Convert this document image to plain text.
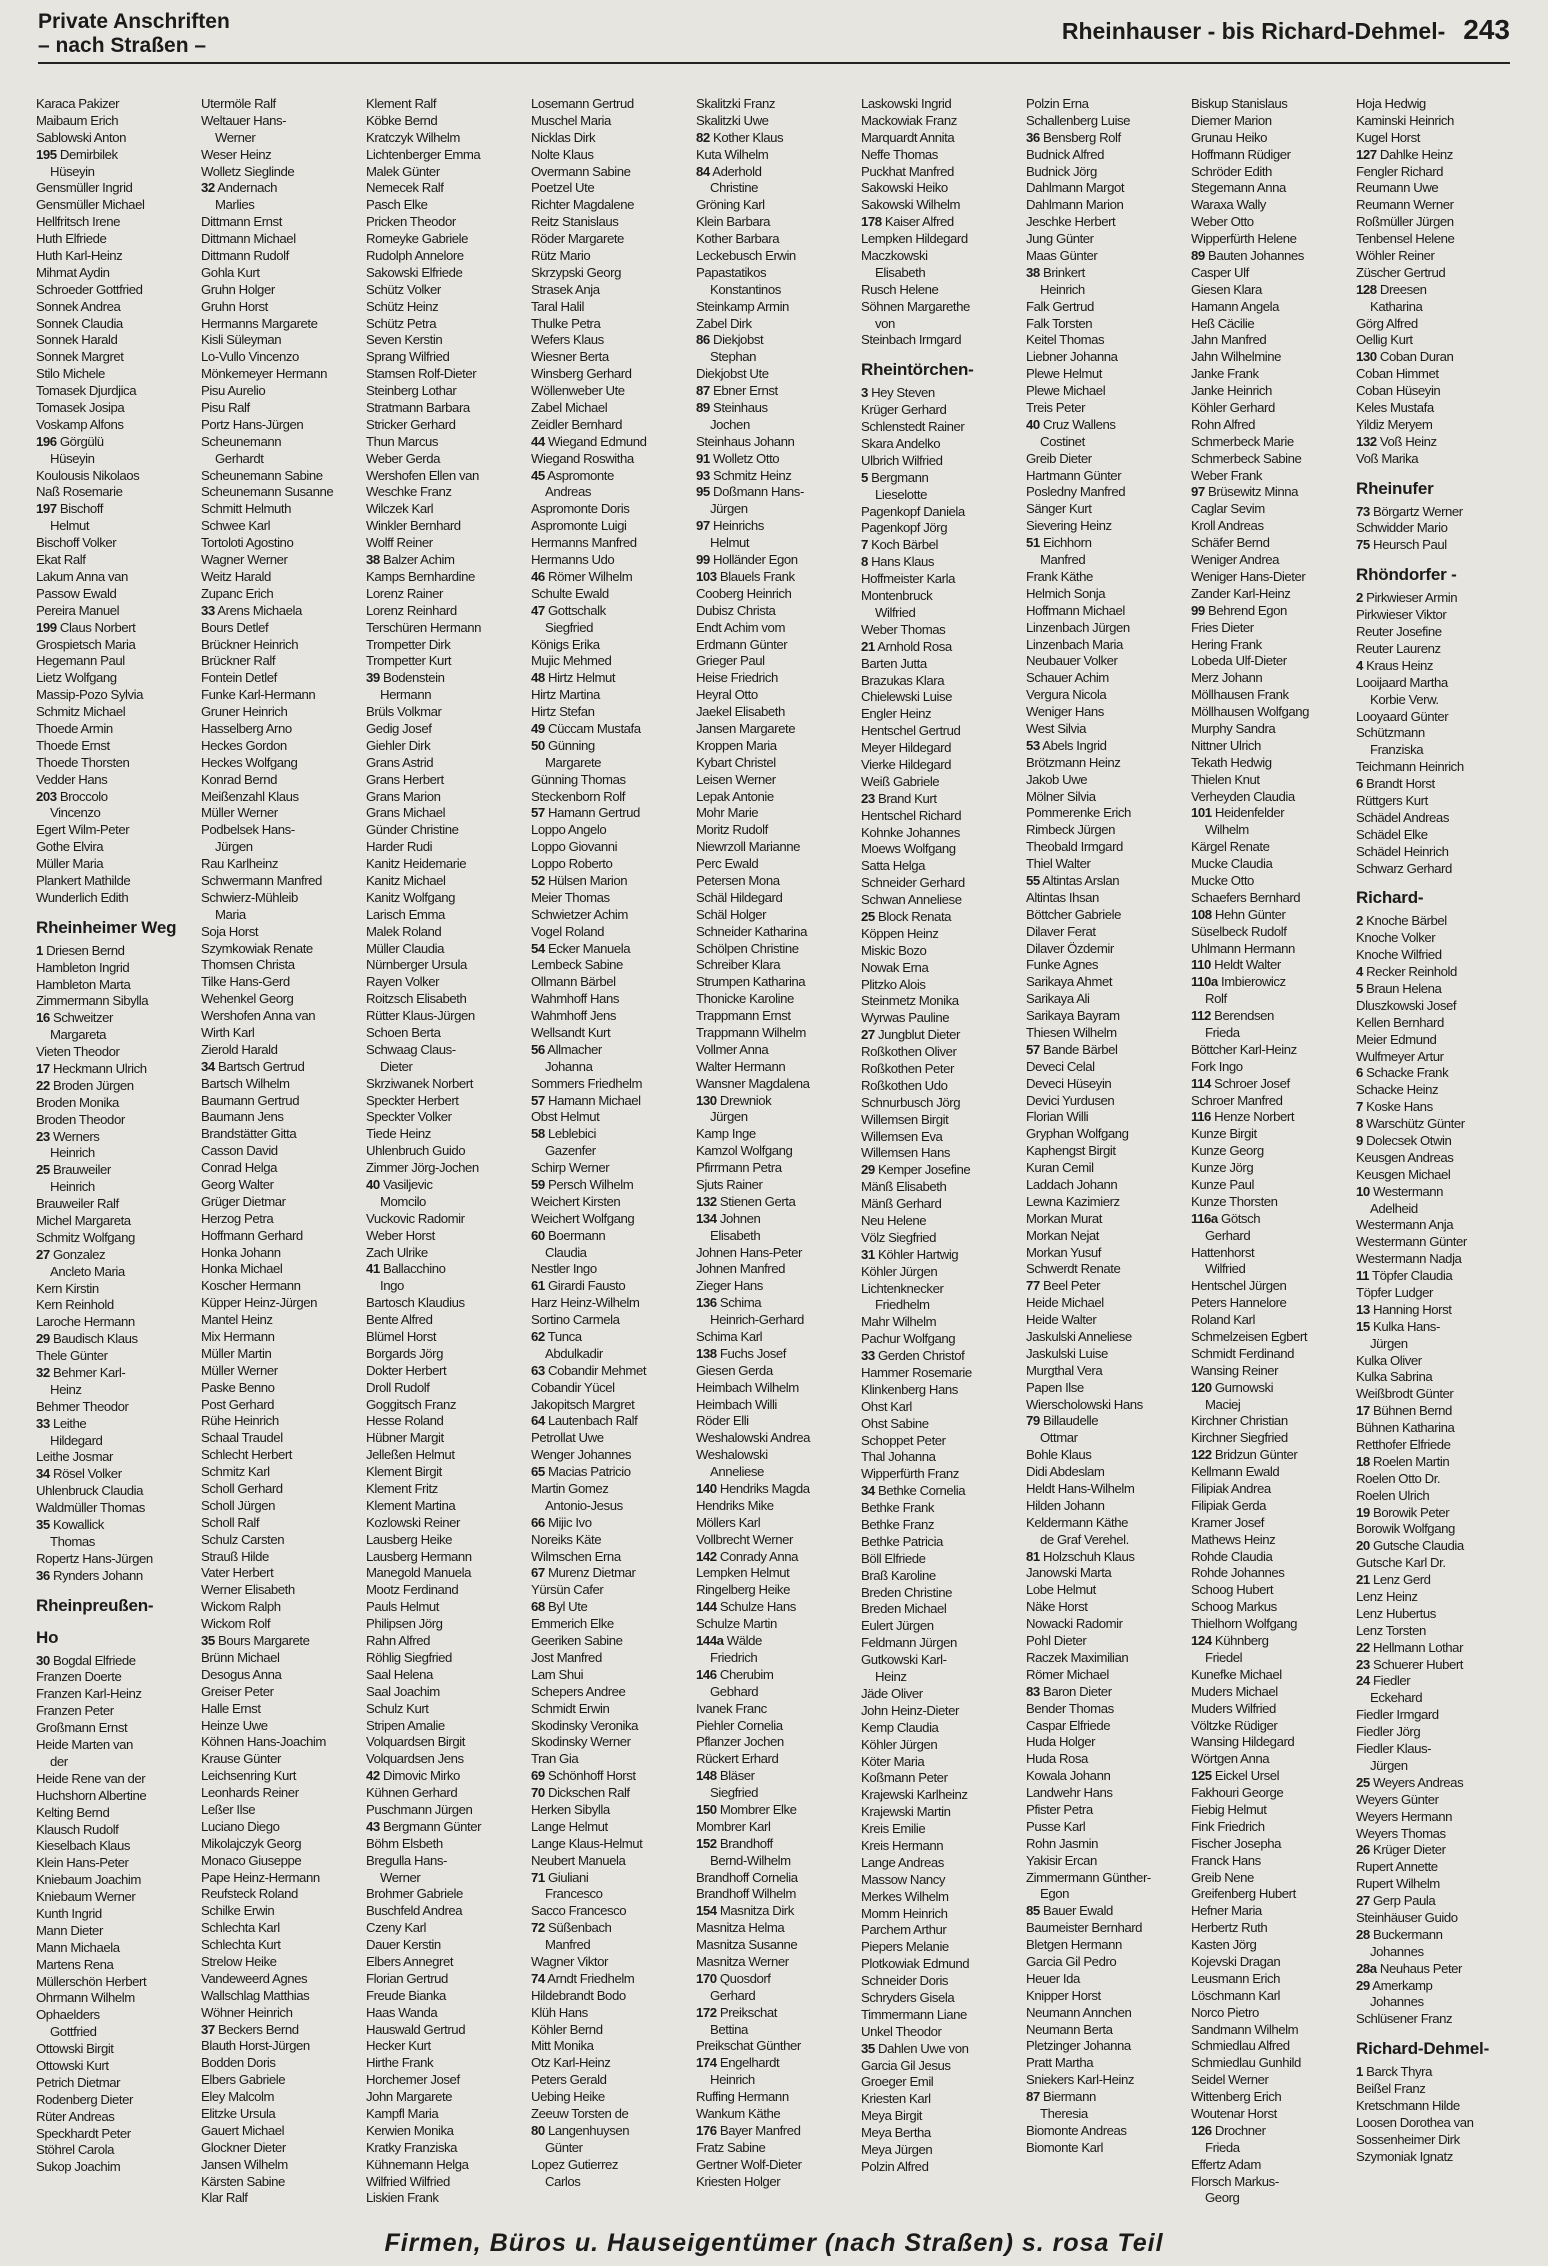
Private Anschriften
– nach Straßen –
Rheinhauser - bis Richard-Dehmel- 243
Karaca Pakizer
Maibaum Erich
Sablowski Anton
195 Demirbilek
Hüseyin
Gensmüller Ingrid
Gensmüller Michael
Hellfritsch Irene
Huth Elfriede
Huth Karl-Heinz
Mihmat Aydin
Schroeder Gottfried
Sonnek Andrea
Sonnek Claudia
Sonnek Harald
Sonnek Margret
Stilo Michele
Tomasek Djurdjica
Tomasek Josipa
Voskamp Alfons
196 Görgülü
Hüseyin
Koulousis Nikolaos
Naß Rosemarie
197 Bischoff
Helmut
Bischoff Volker
Ekat Ralf
Lakum Anna van
Passow Ewald
Pereira Manuel
199 Claus Norbert
Grospietsch Maria
Hegemann Paul
Lietz Wolfgang
Massip-Pozo Sylvia
Schmitz Michael
Thoede Armin
Thoede Ernst
Thoede Thorsten
Vedder Hans
203 Broccolo
Vincenzo
Egert Wilm-Peter
Gothe Elvira
Müller Maria
Plankert Mathilde
Wunderlich Edith
Rheinheimer Weg
1 Driesen Bernd
Hambleton Ingrid
Hambleton Marta
Zimmermann Sibylla
16 Schweitzer
Margareta
Vieten Theodor
17 Heckmann Ulrich
22 Broden Jürgen
Broden Monika
Broden Theodor
23 Werners
Heinrich
25 Brauweiler
Heinrich
Brauweiler Ralf
Michel Margareta
Schmitz Wolfgang
27 Gonzalez
Ancleto Maria
Kern Kirstin
Kern Reinhold
Laroche Hermann
29 Baudisch Klaus
Thele Günter
32 Behmer Karl-
Heinz
Behmer Theodor
33 Leithe
Hildegard
Leithe Josmar
34 Rösel Volker
Uhlenbruck Claudia
Waldmüller Thomas
35 Kowallick
Thomas
Ropertz Hans-Jürgen
36 Rynders Johann
Rheinpreußen-
Ho
30 Bogdal Elfriede
Franzen Doerte
Franzen Karl-Heinz
Franzen Peter
Großmann Ernst
Heide Marten van
der
Heide Rene van der
Huchshorn Albertine
Kelting Bernd
Klausch Rudolf
Kieselbach Klaus
Klein Hans-Peter
Kniebaum Joachim
Kniebaum Werner
Kunth Ingrid
Mann Dieter
Mann Michaela
Martens Rena
Müllerschön Herbert
Ohrmann Wilhelm
Ophaelders
Gottfried
Ottowski Birgit
Ottowski Kurt
Petrich Dietmar
Rodenberg Dieter
Rüter Andreas
Speckhardt Peter
Stöhrel Carola
Sukop Joachim
Utermöle Ralf
Weltauer Hans-
Werner
Weser Heinz
Wolletz Sieglinde
32 Andernach
Marlies
Dittmann Ernst
Dittmann Michael
Dittmann Rudolf
Gohla Kurt
Gruhn Holger
Gruhn Horst
Hermanns Margarete
Kisli Süleyman
Lo-Vullo Vincenzo
Mönkemeyer Hermann
Pisu Aurelio
Pisu Ralf
Portz Hans-Jürgen
Scheunemann
Gerhardt
Scheunemann Sabine
Scheunemann Susanne
Schmitt Helmuth
Schwee Karl
Tortoloti Agostino
Wagner Werner
Weitz Harald
Zupanc Erich
33 Arens Michaela
Bours Detlef
Brückner Heinrich
Brückner Ralf
Fontein Detlef
Funke Karl-Hermann
Gruner Heinrich
Hasselberg Arno
Heckes Gordon
Heckes Wolfgang
Konrad Bernd
Meißenzahl Klaus
Müller Werner
Podbelsek Hans-
Jürgen
Rau Karlheinz
Schwermann Manfred
Schwierz-Mühleib
Maria
Soja Horst
Szymkowiak Renate
Thomsen Christa
Tilke Hans-Gerd
Wehenkel Georg
Wershofen Anna van
Wirth Karl
Zierold Harald
34 Bartsch Gertrud
Bartsch Wilhelm
Baumann Gertrud
Baumann Jens
Brandstätter Gitta
Casson David
Conrad Helga
Georg Walter
Grüger Dietmar
Herzog Petra
Hoffmann Gerhard
Honka Johann
Honka Michael
Koscher Hermann
Küpper Heinz-Jürgen
Mantel Heinz
Mix Hermann
Müller Martin
Müller Werner
Paske Benno
Post Gerhard
Rühe Heinrich
Schaal Traudel
Schlecht Herbert
Schmitz Karl
Scholl Gerhard
Scholl Jürgen
Scholl Ralf
Schulz Carsten
Strauß Hilde
Vater Herbert
Werner Elisabeth
Wickom Ralph
Wickom Rolf
35 Bours Margarete
Brünn Michael
Desogus Anna
Greiser Peter
Halle Ernst
Heinze Uwe
Köhnen Hans-Joachim
Krause Günter
Leichsenring Kurt
Leonhards Reiner
Leßer Ilse
Luciano Diego
Mikolajczyk Georg
Monaco Giuseppe
Pape Heinz-Hermann
Reufsteck Roland
Schilke Erwin
Schlechta Karl
Schlechta Kurt
Strelow Heike
Vandeweerd Agnes
Wallschlag Matthias
Wöhner Heinrich
37 Beckers Bernd
Blauth Horst-Jürgen
Bodden Doris
Elbers Gabriele
Eley Malcolm
Elitzke Ursula
Gauert Michael
Glockner Dieter
Jansen Wilhelm
Kärsten Sabine
Klar Ralf
Klement Ralf
Köbke Bernd
Kratczyk Wilhelm
Lichtenberger Emma
Malek Günter
Nemecek Ralf
Pasch Elke
Pricken Theodor
Romeyke Gabriele
Rudolph Annelore
Sakowski Elfriede
Schütz Volker
Schütz Heinz
Schütz Petra
Seven Kerstin
Sprang Wilfried
Stamsen Rolf-Dieter
Steinberg Lothar
Stratmann Barbara
Stricker Gerhard
Thun Marcus
Weber Gerda
Wershofen Ellen van
Weschke Franz
Wilczek Karl
Winkler Bernhard
Wolff Reiner
38 Balzer Achim
Kamps Bernhardine
Lorenz Rainer
Lorenz Reinhard
Terschüren Hermann
Trompetter Dirk
Trompetter Kurt
39 Bodenstein
Hermann
Brüls Volkmar
Gedig Josef
Giehler Dirk
Grans Astrid
Grans Herbert
Grans Marion
Grans Michael
Günder Christine
Harder Rudi
Kanitz Heidemarie
Kanitz Michael
Kanitz Wolfgang
Larisch Emma
Malek Roland
Müller Claudia
Nürnberger Ursula
Rayen Volker
Roitzsch Elisabeth
Rütter Klaus-Jürgen
Schoen Berta
Schwaag Claus-
Dieter
Skrziwanek Norbert
Speckter Herbert
Speckter Volker
Tiede Heinz
Uhlenbruch Guido
Zimmer Jörg-Jochen
40 Vasiljevic
Momcilo
Vuckovic Radomir
Weber Horst
Zach Ulrike
41 Ballacchino
Ingo
Bartosch Klaudius
Bente Alfred
Blümel Horst
Borgards Jörg
Dokter Herbert
Droll Rudolf
Goggitsch Franz
Hesse Roland
Hübner Margit
Jelleßen Helmut
Klement Birgit
Klement Fritz
Klement Martina
Kozlowski Reiner
Lausberg Heike
Lausberg Hermann
Manegold Manuela
Mootz Ferdinand
Pauls Helmut
Philipsen Jörg
Rahn Alfred
Röhlig Siegfried
Saal Helena
Saal Joachim
Schulz Kurt
Stripen Amalie
Volquardsen Birgit
Volquardsen Jens
42 Dimovic Mirko
Kühnen Gerhard
Puschmann Jürgen
43 Bergmann Günter
Böhm Elsbeth
Bregulla Hans-
Werner
Brohmer Gabriele
Buschfeld Andrea
Czeny Karl
Dauer Kerstin
Elbers Annegret
Florian Gertrud
Freude Bianka
Haas Wanda
Hauswald Gertrud
Hecker Kurt
Hirthe Frank
Horchemer Josef
John Margarete
Kampfl Maria
Kerwien Monika
Kratky Franziska
Kühnemann Helga
Wilfried Wilfried
Liskien Frank
Losemann Gertrud
Muschel Maria
Nicklas Dirk
Nolte Klaus
Overmann Sabine
Poetzel Ute
Richter Magdalene
Reitz Stanislaus
Röder Margarete
Rütz Mario
Skrzypski Georg
Strasek Anja
Taral Halil
Thulke Petra
Wefers Klaus
Wiesner Berta
Winsberg Gerhard
Wöllenweber Ute
Zabel Michael
Zeidler Bernhard
44 Wiegand Edmund
Wiegand Roswitha
45 Aspromonte
Andreas
Aspromonte Doris
Aspromonte Luigi
Hermanns Manfred
Hermanns Udo
46 Römer Wilhelm
Schulte Ewald
47 Gottschalk
Siegfried
Königs Erika
Mujic Mehmed
48 Hirtz Helmut
Hirtz Martina
Hirtz Stefan
49 Cüccam Mustafa
50 Günning
Margarete
Günning Thomas
Steckenborn Rolf
57 Hamann Gertrud
Loppo Angelo
Loppo Giovanni
Loppo Roberto
52 Hülsen Marion
Meier Thomas
Schwietzer Achim
Vogel Roland
54 Ecker Manuela
Lembeck Sabine
Ollmann Bärbel
Wahmhoff Hans
Wahmhoff Jens
Wellsandt Kurt
56 Allmacher
Johanna
Sommers Friedhelm
57 Hamann Michael
Obst Helmut
58 Leblebici
Gazenfer
Schirp Werner
59 Persch Wilhelm
Weichert Kirsten
Weichert Wolfgang
60 Boermann
Claudia
Nestler Ingo
61 Girardi Fausto
Harz Heinz-Wilhelm
Sortino Carmela
62 Tunca
Abdulkadir
63 Cobandir Mehmet
Cobandir Yücel
Jakopitsch Margret
64 Lautenbach Ralf
Petrollat Uwe
Wenger Johannes
65 Macias Patricio
Martin Gomez
Antonio-Jesus
66 Mijic Ivo
Noreiks Käte
Wilmschen Erna
67 Murenz Dietmar
Yürsün Cafer
68 Byl Ute
Emmerich Elke
Geeriken Sabine
Jost Manfred
Lam Shui
Schepers Andree
Schmidt Erwin
Skodinsky Veronika
Skodinsky Werner
Tran Gia
69 Schönhoff Horst
70 Dickschen Ralf
Herken Sibylla
Lange Helmut
Lange Klaus-Helmut
Neubert Manuela
71 Giuliani
Francesco
Sacco Francesco
72 Süßenbach
Manfred
Wagner Viktor
74 Arndt Friedhelm
Hildebrandt Bodo
Klüh Hans
Köhler Bernd
Mitt Monika
Otz Karl-Heinz
Peters Gerald
Uebing Heike
Zeeuw Torsten de
80 Langenhuysen
Günter
Lopez Gutierrez
Carlos
Skalitzki Franz
Skalitzki Uwe
82 Kother Klaus
Kuta Wilhelm
84 Aderhold
Christine
Gröning Karl
Klein Barbara
Kother Barbara
Leckebusch Erwin
Papastatikos
Konstantinos
Steinkamp Armin
Zabel Dirk
86 Diekjobst
Stephan
Diekjobst Ute
87 Ebner Ernst
89 Steinhaus
Jochen
Steinhaus Johann
91 Wolletz Otto
93 Schmitz Heinz
95 Doßmann Hans-
Jürgen
97 Heinrichs
Helmut
99 Holländer Egon
103 Blauels Frank
Cooberg Heinrich
Dubisz Christa
Endt Achim vom
Erdmann Günter
Grieger Paul
Heise Friedrich
Heyral Otto
Jaekel Elisabeth
Jansen Margarete
Kroppen Maria
Kybart Christel
Leisen Werner
Lepak Antonie
Mohr Marie
Moritz Rudolf
Niewrzoll Marianne
Perc Ewald
Petersen Mona
Schäl Hildegard
Schäl Holger
Schneider Katharina
Schölpen Christine
Schreiber Klara
Strumpen Katharina
Thonicke Karoline
Trappmann Ernst
Trappmann Wilhelm
Vollmer Anna
Walter Hermann
Wansner Magdalena
130 Drewniok
Jürgen
Kamp Inge
Kamzol Wolfgang
Pfirrmann Petra
Sjuts Rainer
132 Stienen Gerta
134 Johnen
Elisabeth
Johnen Hans-Peter
Johnen Manfred
Zieger Hans
136 Schima
Heinrich-Gerhard
Schima Karl
138 Fuchs Josef
Giesen Gerda
Heimbach Wilhelm
Heimbach Willi
Röder Elli
Weshalowski Andrea
Weshalowski
Anneliese
140 Hendriks Magda
Hendriks Mike
Möllers Karl
Vollbrecht Werner
142 Conrady Anna
Lempken Helmut
Ringelberg Heike
144 Schulze Hans
Schulze Martin
144a Wälde
Friedrich
146 Cherubim
Gebhard
Ivanek Franc
Piehler Cornelia
Pflanzer Jochen
Rückert Erhard
148 Bläser
Siegfried
150 Mombrer Elke
Mombrer Karl
152 Brandhoff
Bernd-Wilhelm
Brandhoff Cornelia
Brandhoff Wilhelm
154 Masnitza Dirk
Masnitza Helma
Masnitza Susanne
Masnitza Werner
170 Quosdorf
Gerhard
172 Preikschat
Bettina
Preikschat Günther
174 Engelhardt
Heinrich
Ruffing Hermann
Wankum Käthe
176 Bayer Manfred
Fratz Sabine
Gertner Wolf-Dieter
Kriesten Holger
Laskowski Ingrid
Mackowiak Franz
Marquardt Annita
Neffe Thomas
Puckhat Manfred
Sakowski Heiko
Sakowski Wilhelm
178 Kaiser Alfred
Lempken Hildegard
Maczkowski
Elisabeth
Rusch Helene
Söhnen Margarethe
von
Steinbach Irmgard
Rheintörchen-
3 Hey Steven
Krüger Gerhard
Schlenstedt Rainer
Skara Andelko
Ulbrich Wilfried
5 Bergmann
Lieselotte
Pagenkopf Daniela
Pagenkopf Jörg
7 Koch Bärbel
8 Hans Klaus
Hoffmeister Karla
Montenbruck
Wilfried
Weber Thomas
21 Arnhold Rosa
Barten Jutta
Brazukas Klara
Chielewski Luise
Engler Heinz
Hentschel Gertrud
Meyer Hildegard
Vierke Hildegard
Weiß Gabriele
23 Brand Kurt
Hentschel Richard
Kohnke Johannes
Moews Wolfgang
Satta Helga
Schneider Gerhard
Schwan Anneliese
25 Block Renata
Köppen Heinz
Miskic Bozo
Nowak Erna
Plitzko Alois
Steinmetz Monika
Wyrwas Pauline
27 Jungblut Dieter
Roßkothen Oliver
Roßkothen Peter
Roßkothen Udo
Schnurbusch Jörg
Willemsen Birgit
Willemsen Eva
Willemsen Hans
29 Kemper Josefine
Mänß Elisabeth
Mänß Gerhard
Neu Helene
Völz Siegfried
31 Köhler Hartwig
Köhler Jürgen
Lichtenknecker
Friedhelm
Mahr Wilhelm
Pachur Wolfgang
33 Gerden Christof
Hammer Rosemarie
Klinkenberg Hans
Ohst Karl
Ohst Sabine
Schoppet Peter
Thal Johanna
Wipperfürth Franz
34 Bethke Cornelia
Bethke Frank
Bethke Franz
Bethke Patricia
Böll Elfriede
Braß Karoline
Breden Christine
Breden Michael
Eulert Jürgen
Feldmann Jürgen
Gutkowski Karl-
Heinz
Jäde Oliver
John Heinz-Dieter
Kemp Claudia
Köhler Jürgen
Köter Maria
Koßmann Peter
Krajewski Karlheinz
Krajewski Martin
Kreis Emilie
Kreis Hermann
Lange Andreas
Massow Nancy
Merkes Wilhelm
Momm Heinrich
Parchem Arthur
Piepers Melanie
Plotkowiak Edmund
Schneider Doris
Schryders Gisela
Timmermann Liane
Unkel Theodor
35 Dahlen Uwe von
Garcia Gil Jesus
Groeger Emil
Kriesten Karl
Meya Birgit
Meya Bertha
Meya Jürgen
Polzin Alfred
Polzin Erna
Schallenberg Luise
36 Bensberg Rolf
Budnick Alfred
Budnick Jörg
Dahlmann Margot
Dahlmann Marion
Jeschke Herbert
Jung Günter
Maas Günter
38 Brinkert
Heinrich
Falk Gertrud
Falk Torsten
Keitel Thomas
Liebner Johanna
Plewe Helmut
Plewe Michael
Treis Peter
40 Cruz Wallens
Costinet
Greib Dieter
Hartmann Günter
Poslednу Manfred
Sänger Kurt
Sievering Heinz
51 Eichhorn
Manfred
Frank Käthe
Helmich Sonja
Hoffmann Michael
Linzenbach Jürgen
Linzenbach Maria
Neubauer Volker
Schauer Achim
Vergura Nicola
Weniger Hans
West Silvia
53 Abels Ingrid
Brötzmann Heinz
Jakob Uwe
Mölner Silvia
Pommerenke Erich
Rimbeck Jürgen
Theobald Irmgard
Thiel Walter
55 Altintas Arslan
Altintas Ihsan
Böttcher Gabriele
Dilaver Ferat
Dilaver Özdemir
Funke Agnes
Sarikaya Ahmet
Sarikaya Ali
Sarikaya Bayram
Thiesen Wilhelm
57 Bande Bärbel
Deveci Celal
Deveci Hüseyin
Devici Yurdusen
Florian Willi
Gryphan Wolfgang
Kaphengst Birgit
Kuran Cemil
Laddach Johann
Lewna Kazimierz
Morkan Murat
Morkan Nejat
Morkan Yusuf
Schwerdt Renate
77 Beel Peter
Heide Michael
Heide Walter
Jaskulski Anneliese
Jaskulski Luise
Murgthal Vera
Papen Ilse
Wierscholowski Hans
79 Billaudelle
Ottmar
Bohle Klaus
Didi Abdeslam
Heldt Hans-Wilhelm
Hilden Johann
Keldermann Käthe
de Graf Verehel.
81 Holzschuh Klaus
Janowski Marta
Lobe Helmut
Näke Horst
Nowacki Radomir
Pohl Dieter
Raczek Maximilian
Römer Michael
83 Baron Dieter
Bender Thomas
Caspar Elfriede
Huda Holger
Huda Rosa
Kowala Johann
Landwehr Hans
Pfister Petra
Pusse Karl
Rohn Jasmin
Yakisir Ercan
Zimmermann Günther-
Egon
85 Bauer Ewald
Baumeister Bernhard
Bletgen Hermann
Garcia Gil Pedro
Heuer Ida
Knipper Horst
Neumann Annchen
Neumann Berta
Pletzinger Johanna
Pratt Martha
Sniekers Karl-Heinz
87 Biermann
Theresia
Biomonte Andreas
Biomonte Karl
Biskup Stanislaus
Diemer Marion
Grunau Heiko
Hoffmann Rüdiger
Schröder Edith
Stegemann Anna
Waraxa Wally
Weber Otto
Wipperfürth Helene
89 Bauten Johannes
Casper Ulf
Giesen Klara
Hamann Angela
Heß Cäcilie
Jahn Manfred
Jahn Wilhelmine
Janke Frank
Janke Heinrich
Köhler Gerhard
Rohn Alfred
Schmerbeck Marie
Schmerbeck Sabine
Weber Frank
97 Brüsewitz Minna
Caglar Sevim
Kroll Andreas
Schäfer Bernd
Weniger Andrea
Weniger Hans-Dieter
Zander Karl-Heinz
99 Behrend Egon
Fries Dieter
Hering Frank
Lobeda Ulf-Dieter
Merz Johann
Möllhausen Frank
Möllhausen Wolfgang
Murphy Sandra
Nittner Ulrich
Tekath Hedwig
Thielen Knut
Verheyden Claudia
101 Heidenfelder
Wilhelm
Kärgel Renate
Mucke Claudia
Mucke Otto
Schaefers Bernhard
108 Hehn Günter
Süselbeck Rudolf
Uhlmann Hermann
110 Heldt Walter
110a Imbierowicz
Rolf
112 Berendsen
Frieda
Böttcher Karl-Heinz
Fork Ingo
114 Schroer Josef
Schroer Manfred
116 Henze Norbert
Kunze Birgit
Kunze Georg
Kunze Jörg
Kunze Paul
Kunze Thorsten
116a Götsch
Gerhard
Hattenhorst
Wilfried
Hentschel Jürgen
Peters Hannelore
Roland Karl
Schmelzeisen Egbert
Schmidt Ferdinand
Wansing Reiner
120 Gurnowski
Maciej
Kirchner Christian
Kirchner Siegfried
122 Bridzun Günter
Kellmann Ewald
Filipiak Andrea
Filipiak Gerda
Kramer Josef
Mathews Heinz
Rohde Claudia
Rohde Johannes
Schoog Hubert
Schoog Markus
Thielhorn Wolfgang
124 Kühnberg
Friedel
Kunefke Michael
Muders Michael
Muders Wilfried
Völtzke Rüdiger
Wansing Hildegard
Wörtgen Anna
125 Eickel Ursel
Fakhouri George
Fiebig Helmut
Fink Friedrich
Fischer Josepha
Franck Hans
Greib Nene
Greifenberg Hubert
Hefner Maria
Herbertz Ruth
Kasten Jörg
Kojevski Dragan
Leusmann Erich
Löschmann Karl
Norco Pietro
Sandmann Wilhelm
Schmiedlau Alfred
Schmiedlau Gunhild
Seidel Werner
Wittenberg Erich
Woutenar Horst
126 Drochner
Frieda
Effertz Adam
Florsch Markus-
Georg
Hoja Hedwig
Kaminski Heinrich
Kugel Horst
127 Dahlke Heinz
Fengler Richard
Reumann Uwe
Reumann Werner
Roßmüller Jürgen
Tenbensel Helene
Wöhler Reiner
Züscher Gertrud
128 Dreesen
Katharina
Görg Alfred
Oellig Kurt
130 Coban Duran
Coban Himmet
Coban Hüseyin
Keles Mustafa
Yildiz Meryem
132 Voß Heinz
Voß Marika
Rheinufer
73 Börgartz Werner
Schwidder Mario
75 Heursch Paul
Rhöndorfer -
2 Pirkwieser Armin
Pirkwieser Viktor
Reuter Josefine
Reuter Laurenz
4 Kraus Heinz
Looijaard Martha
Korbie Verw.
Looyaard Günter
Schützmann
Franziska
Teichmann Heinrich
6 Brandt Horst
Rüttgers Kurt
Schädel Andreas
Schädel Elke
Schädel Heinrich
Schwarz Gerhard
Richard-
2 Knoche Bärbel
Knoche Volker
Knoche Wilfried
4 Recker Reinhold
5 Braun Helena
Dluszkowski Josef
Kellen Bernhard
Meier Edmund
Wulfmeyer Artur
6 Schacke Frank
Schacke Heinz
7 Koske Hans
8 Warschütz Günter
9 Dolecsek Otwin
Keusgen Andreas
Keusgen Michael
10 Westermann
Adelheid
Westermann Anja
Westermann Günter
Westermann Nadja
11 Töpfer Claudia
Töpfer Ludger
13 Hanning Horst
15 Kulka Hans-
Jürgen
Kulka Oliver
Kulka Sabrina
Weißbrodt Günter
17 Bühnen Bernd
Bühnen Katharina
Retthofer Elfriede
18 Roelen Martin
Roelen Otto Dr.
Roelen Ulrich
19 Borowik Peter
Borowik Wolfgang
20 Gutsche Claudia
Gutsche Karl Dr.
21 Lenz Gerd
Lenz Heinz
Lenz Hubertus
Lenz Torsten
22 Hellmann Lothar
23 Schuerer Hubert
24 Fiedler
Eckehard
Fiedler Irmgard
Fiedler Jörg
Fiedler Klaus-
Jürgen
25 Weyers Andreas
Weyers Günter
Weyers Hermann
Weyers Thomas
26 Krüger Dieter
Rupert Annette
Rupert Wilhelm
27 Gerp Paula
Steinhäuser Guido
28 Buckermann
Johannes
28a Neuhaus Peter
29 Amerkamp
Johannes
Schlüsener Franz
Richard-Dehmel-
1 Barck Thyra
Beißel Franz
Kretschmann Hilde
Loosen Dorothea van
Sossenheimer Dirk
Szymoniak Ignatz
Firmen, Büros u. Hauseigentümer (nach Straßen) s. rosa Teil
